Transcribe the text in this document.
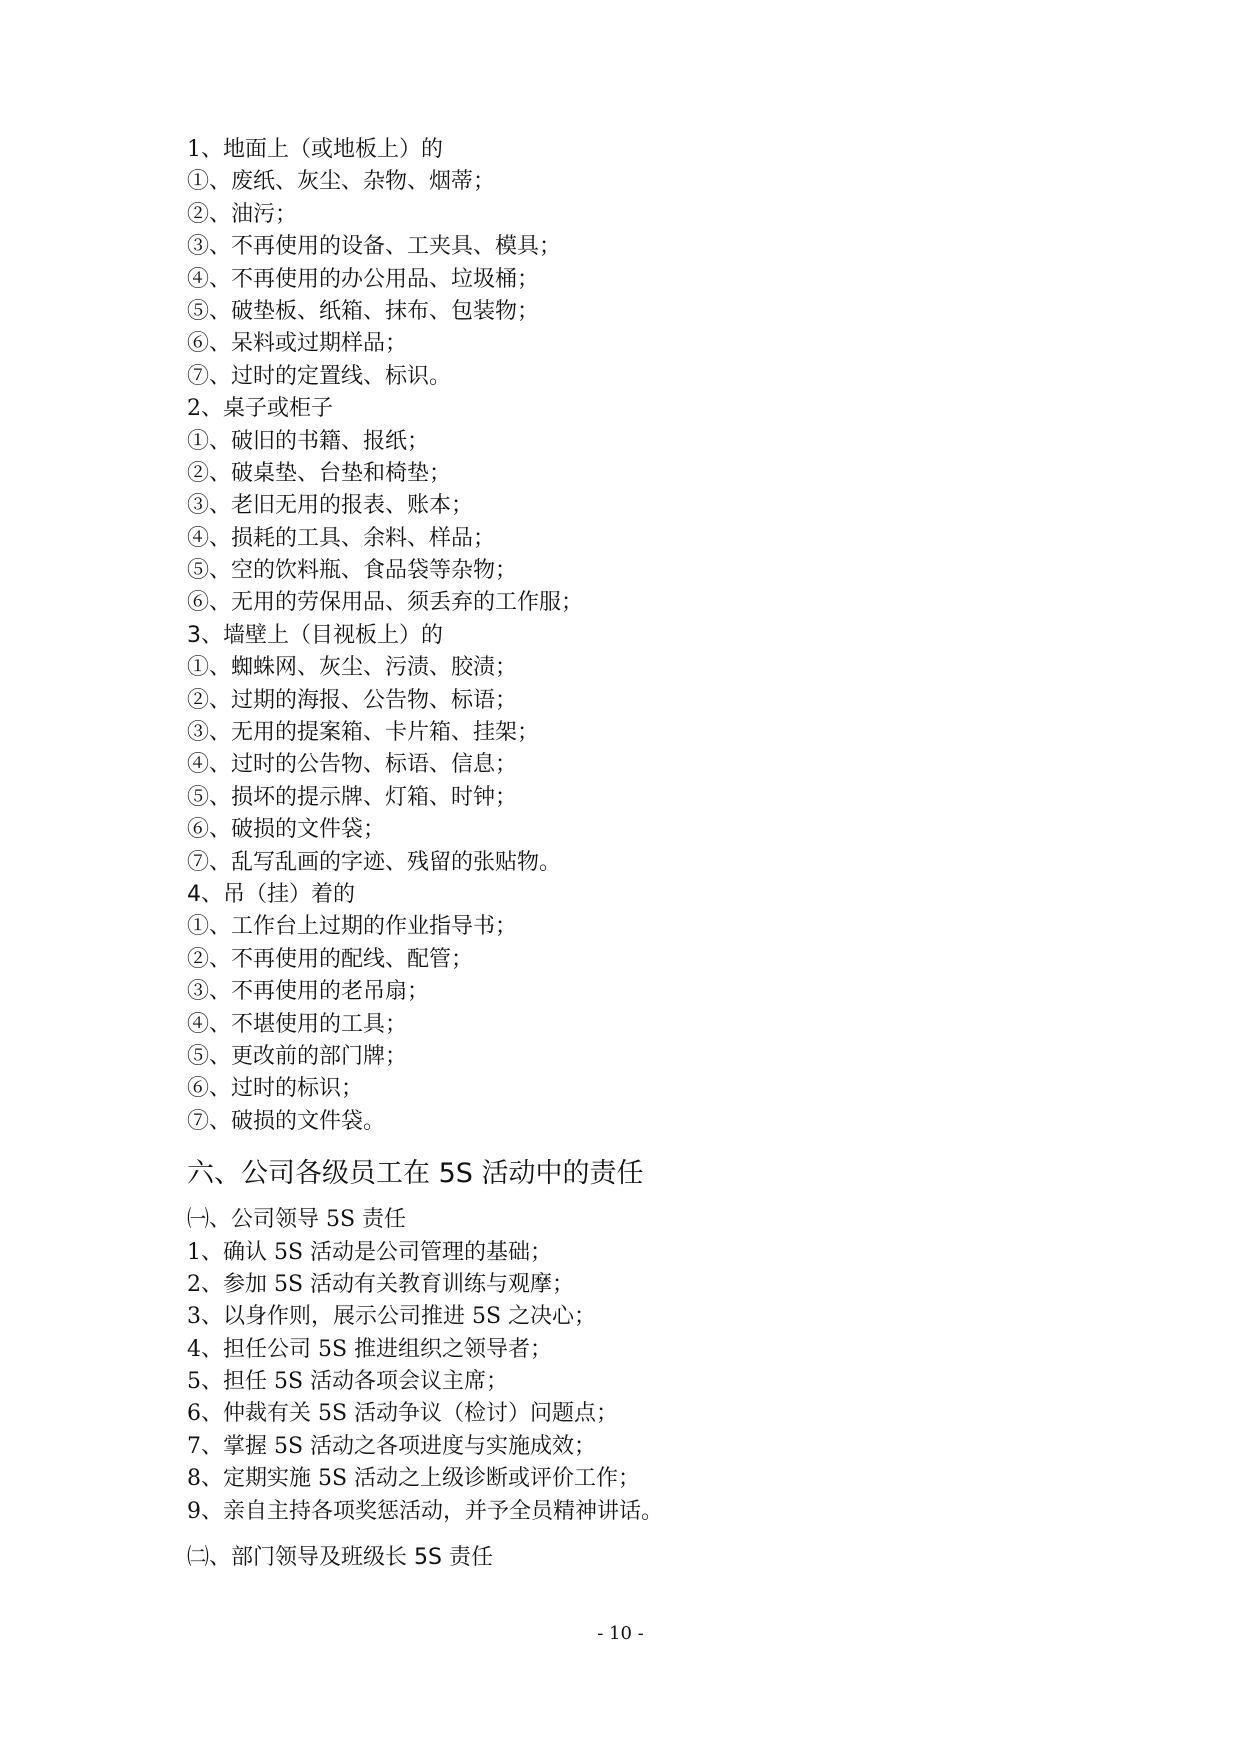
1、地面上（或地板上）的
①、废纸、灰尘、杂物、烟蒂；
②、油污；
③、不再使用的设备、工夹具、模具；
④、不再使用的办公用品、垃圾桶；
⑤、破垫板、纸箱、抹布、包装物；
⑥、呆料或过期样品；
⑦、过时的定置线、标识。
2、桌子或柜子
①、破旧的书籍、报纸；
②、破桌垫、台垫和椅垫；
③、老旧无用的报表、账本；
④、损耗的工具、余料、样品；
⑤、空的饮料瓶、食品袋等杂物；
⑥、无用的劳保用品、须丢弃的工作服；
3、墙壁上（目视板上）的
①、蜘蛛网、灰尘、污渍、胶渍；
②、过期的海报、公告物、标语；
③、无用的提案箱、卡片箱、挂架；
④、过时的公告物、标语、信息；
⑤、损坏的提示牌、灯箱、时钟；
⑥、破损的文件袋；
⑦、乱写乱画的字迹、残留的张贴物。
4、吊（挂）着的
①、工作台上过期的作业指导书；
②、不再使用的配线、配管；
③、不再使用的老吊扇；
④、不堪使用的工具；
⑤、更改前的部门牌；
⑥、过时的标识；
⑦、破损的文件袋。
六、公司各级员工在 5S 活动中的责任
㈠、公司领导 5S 责任
1、确认 5S 活动是公司管理的基础；
2、参加 5S 活动有关教育训练与观摩；
3、以身作则，展示公司推进 5S 之决心；
4、担任公司 5S 推进组织之领导者；
5、担任 5S 活动各项会议主席；
6、仲裁有关 5S 活动争议（检讨）问题点；
7、掌握 5S 活动之各项进度与实施成效；
8、定期实施 5S 活动之上级诊断或评价工作；
9、亲自主持各项奖惩活动，并予全员精神讲话。
㈡、部门领导及班级长 5S 责任
- 10 -
